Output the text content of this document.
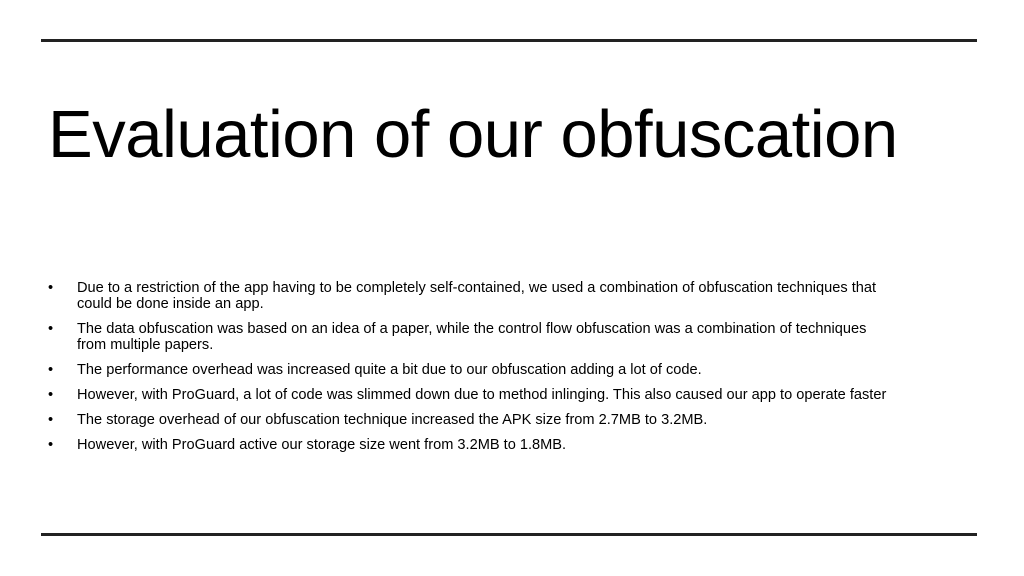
Evaluation of our obfuscation
•	Due to a restriction of the app having to be completely self-contained, we used a combination of obfuscation techniques that could be done inside an app.
•	The data obfuscation was based on an idea of a paper, while the control flow obfuscation was a combination of techniques from multiple papers.
•	The performance overhead was increased quite a bit due to our obfuscation adding a lot of code.
•	However, with ProGuard, a lot of code was slimmed down due to method inlinging. This also caused our app to operate faster
•	The storage overhead of our obfuscation technique increased the APK size from 2.7MB to 3.2MB.
•	However, with ProGuard active our storage size went from 3.2MB to 1.8MB.
